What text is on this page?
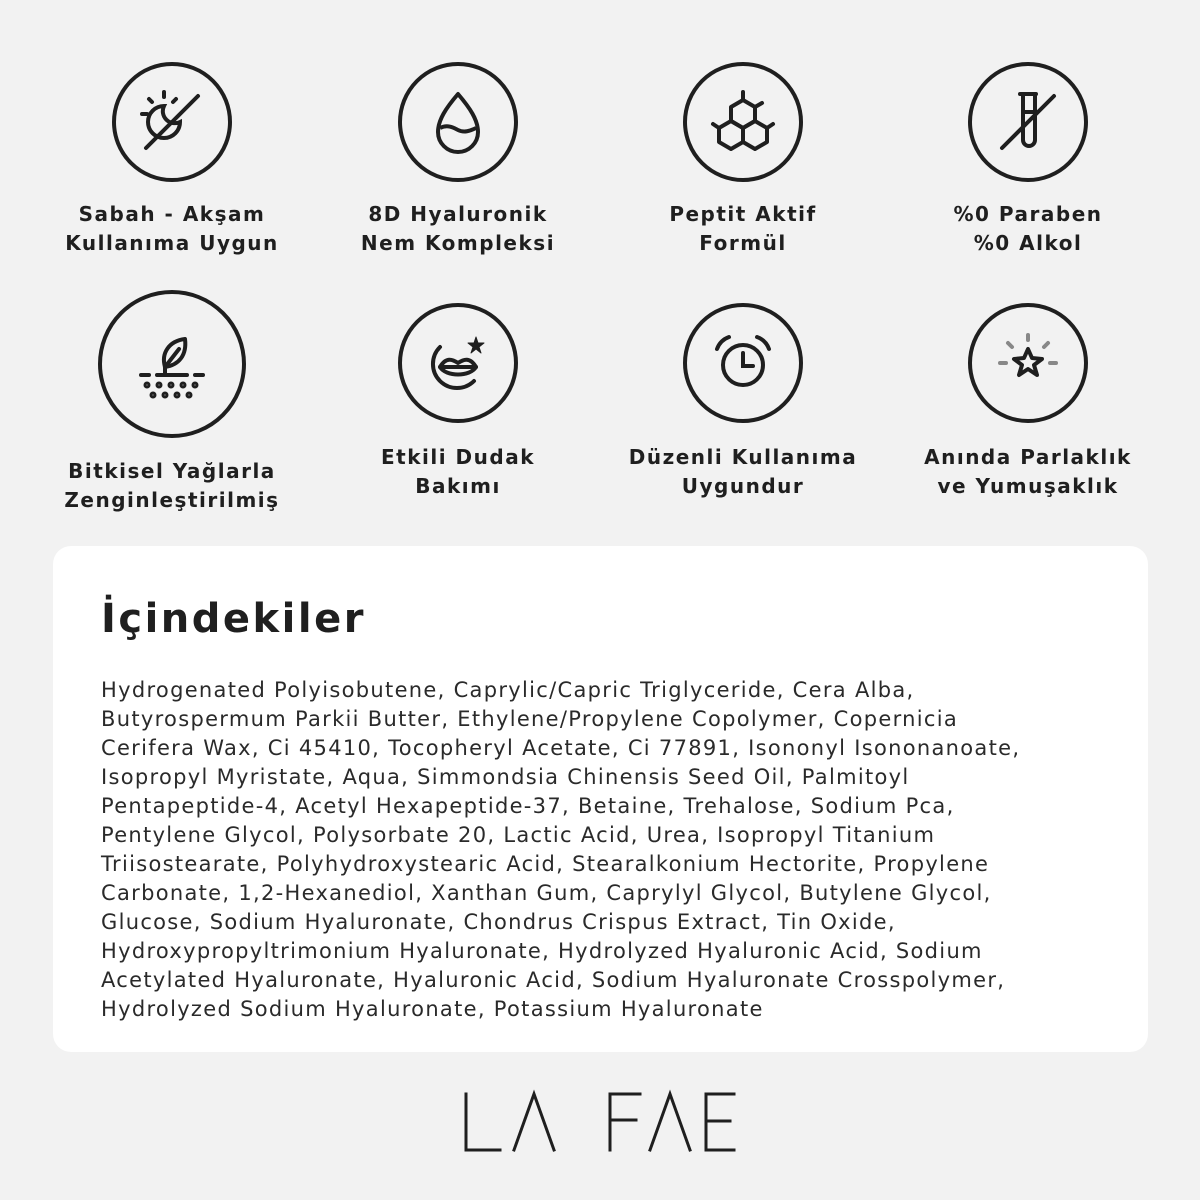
Sabah - Akşam
Kullanıma Uygun
8D Hyaluronik
Nem Kompleksi
Peptit Aktif
Formül
%0 Paraben
%0 Alkol
Bitkisel Yağlarla
Zenginleştirilmiş
Etkili Dudak
Bakımı
Düzenli Kullanıma
Uygundur
Anında Parlaklık
ve Yumuşaklık
İçindekiler
Hydrogenated Polyisobutene, Caprylic/Capric Triglyceride, Cera Alba,
Butyrospermum Parkii Butter, Ethylene/Propylene Copolymer, Copernicia
Cerifera Wax, Ci 45410, Tocopheryl Acetate, Ci 77891, Isononyl Isononanoate,
Isopropyl Myristate, Aqua, Simmondsia Chinensis Seed Oil, Palmitoyl
Pentapeptide-4, Acetyl Hexapeptide-37, Betaine, Trehalose, Sodium Pca,
Pentylene Glycol, Polysorbate 20, Lactic Acid, Urea, Isopropyl Titanium
Triisostearate, Polyhydroxystearic Acid, Stearalkonium Hectorite, Propylene
Carbonate, 1,2-Hexanediol, Xanthan Gum, Caprylyl Glycol, Butylene Glycol,
Glucose, Sodium Hyaluronate, Chondrus Crispus Extract, Tin Oxide,
Hydroxypropyltrimonium Hyaluronate, Hydrolyzed Hyaluronic Acid, Sodium
Acetylated Hyaluronate, Hyaluronic Acid, Sodium Hyaluronate Crosspolymer,
Hydrolyzed Sodium Hyaluronate, Potassium Hyaluronate
